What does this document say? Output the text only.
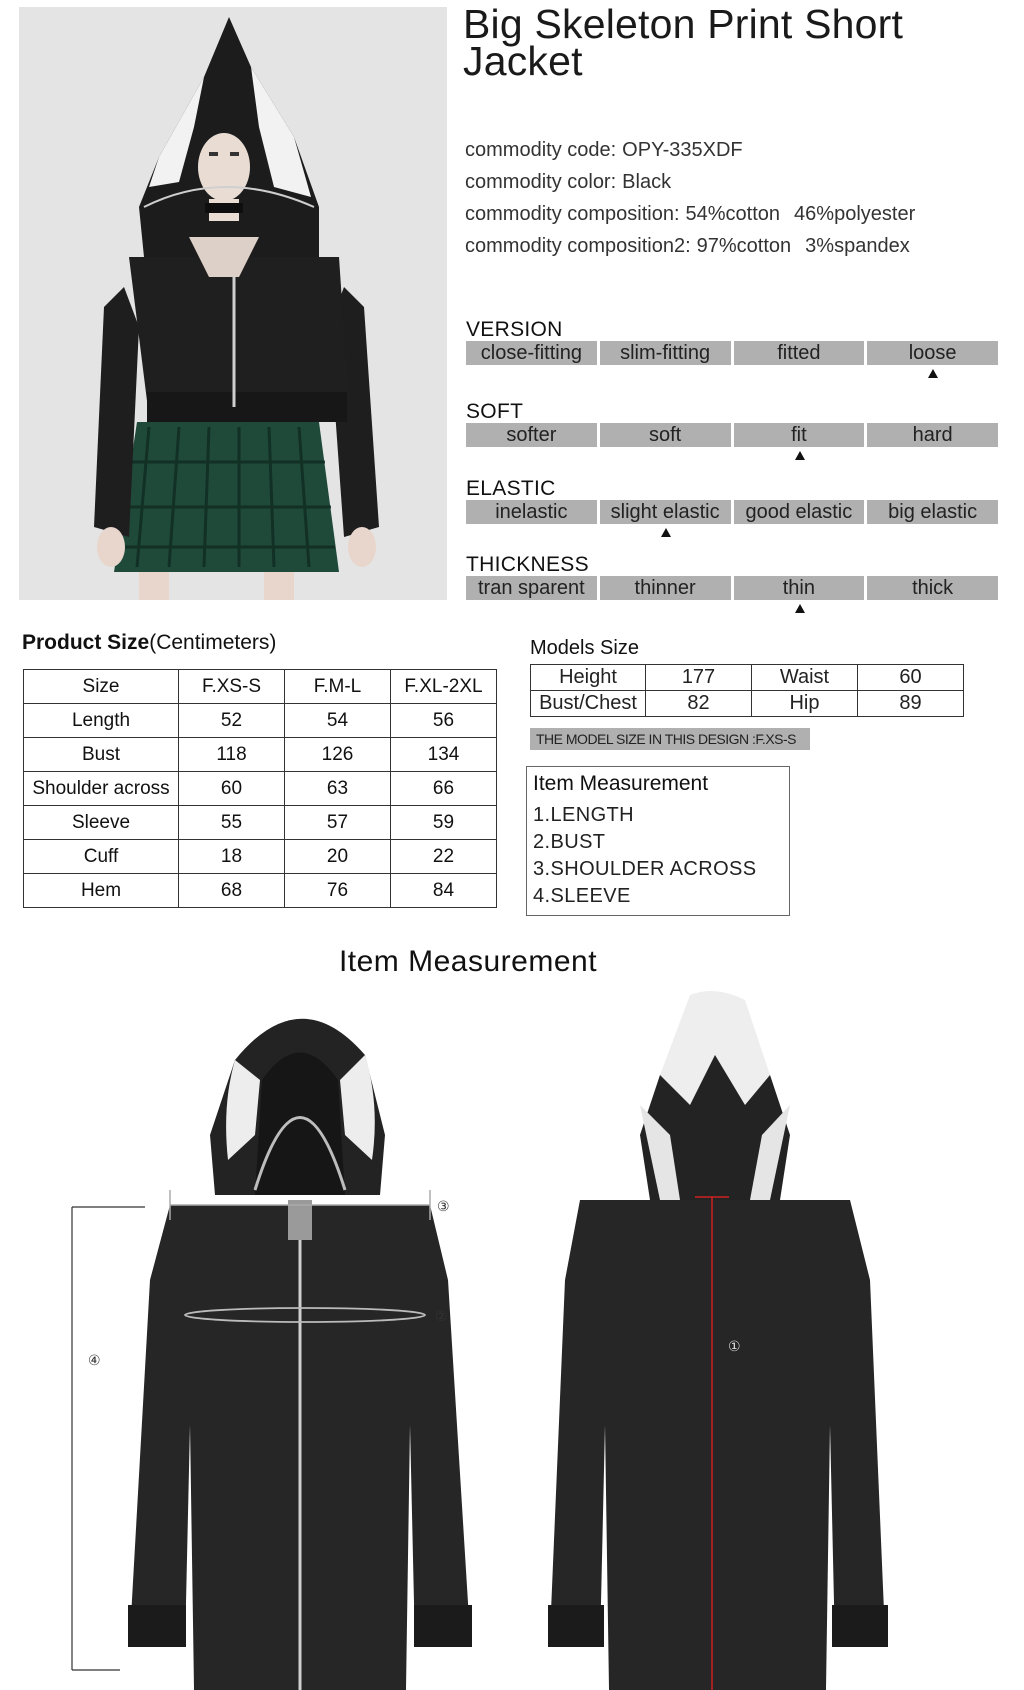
Big Skeleton Print Short Jacket
commodity code: OPY-335XDF
commodity color: Black
commodity composition: 54%cotton 46%polyester
commodity composition2: 97%cotton 3%spandex
VERSION
close-fitting	slim-fitting	fitted	loose
SOFT
softer	soft	fit	hard
ELASTIC
inelastic	slight elastic	good elastic	big elastic
THICKNESS
tran sparent	thinner	thin	thick
Product Size(Centimeters)
Size	F.XS-S	F.M-L	F.XL-2XL
Length	52	54	56
Bust	118	126	134
Shoulder across	60	63	66
Sleeve	55	57	59
Cuff	18	20	22
Hem	68	76	84
Models Size
Height	177	Waist	60
Bust/Chest	82	Hip	89
THE MODEL SIZE IN THIS DESIGN :F.XS-S
Item Measurement
1.LENGTH
2.BUST
3.SHOULDER ACROSS
4.SLEEVE
Item Measurement
③
②
④
①
